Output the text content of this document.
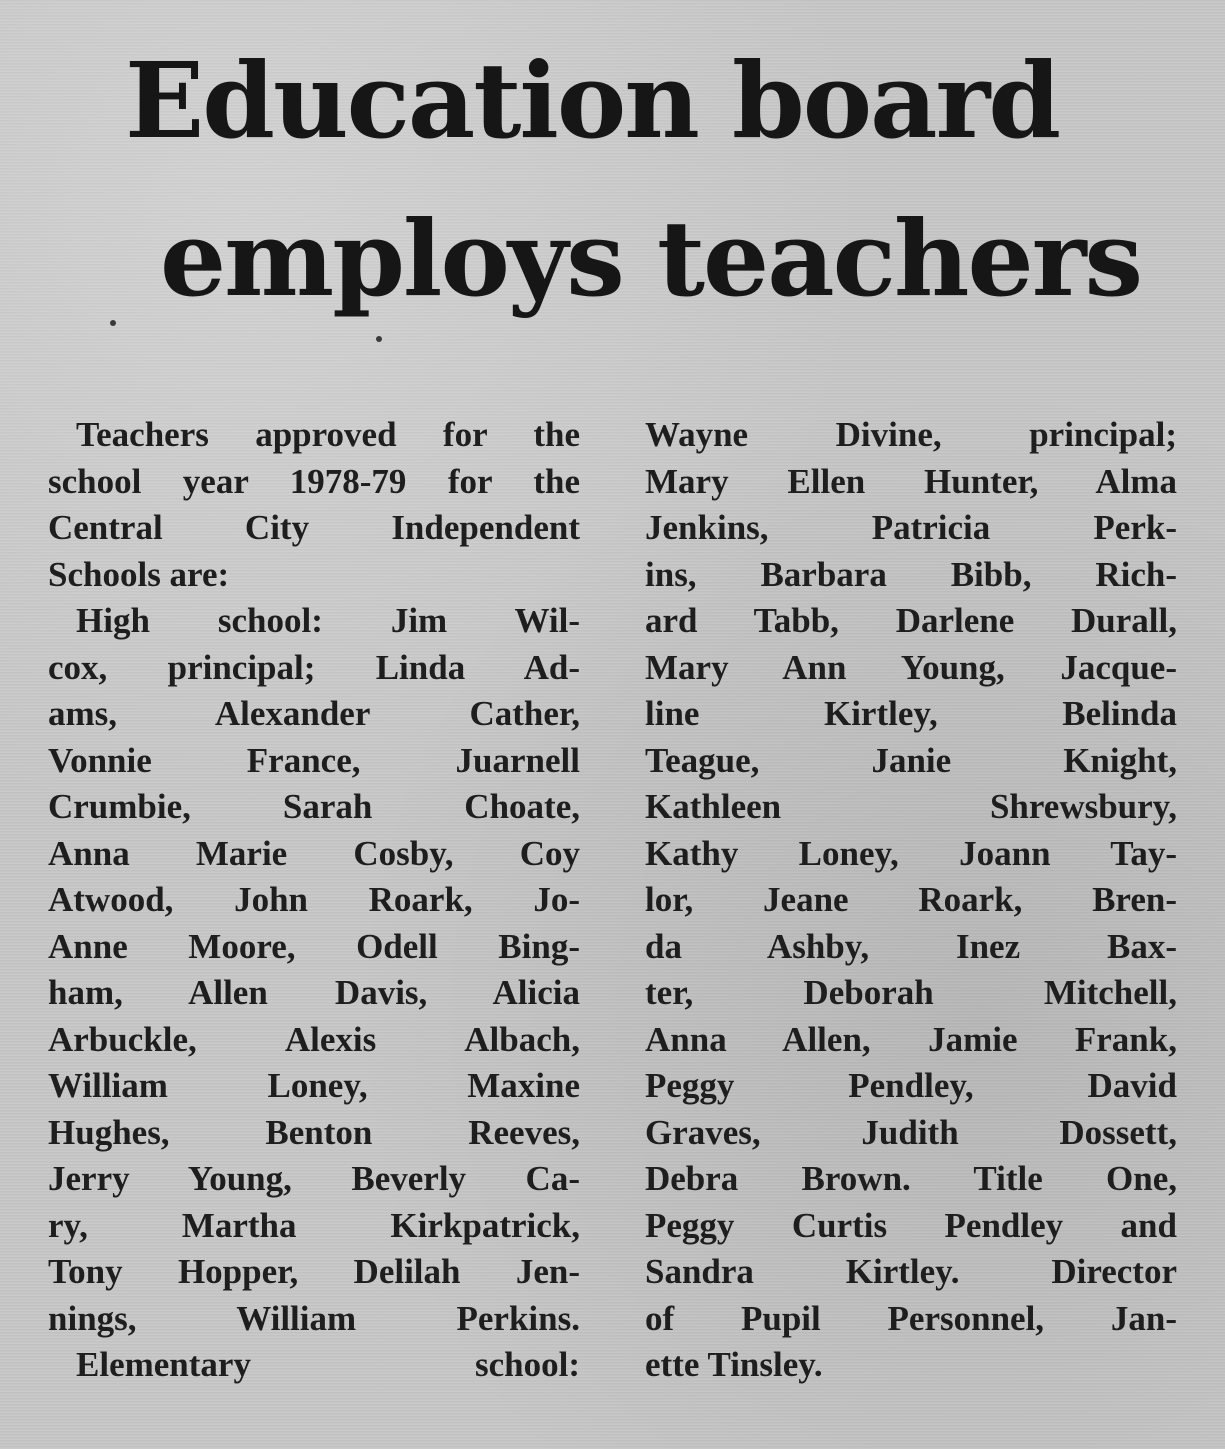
Education board
employs teachers
Teachers approved for the
school year 1978-79 for the
Central City Independent
Schools are:
High school: Jim Wil-
cox, principal; Linda Ad-
ams, Alexander Cather,
Vonnie France, Juarnell
Crumbie, Sarah Choate,
Anna Marie Cosby, Coy
Atwood, John Roark, Jo-
Anne Moore, Odell Bing-
ham, Allen Davis, Alicia
Arbuckle, Alexis Albach,
William Loney, Maxine
Hughes, Benton Reeves,
Jerry Young, Beverly Ca-
ry, Martha Kirkpatrick,
Tony Hopper, Delilah Jen-
nings, William Perkins.
Elementary school:
Wayne Divine, principal;
Mary Ellen Hunter, Alma
Jenkins, Patricia Perk-
ins, Barbara Bibb, Rich-
ard Tabb, Darlene Durall,
Mary Ann Young, Jacque-
line Kirtley, Belinda
Teague, Janie Knight,
Kathleen Shrewsbury,
Kathy Loney, Joann Tay-
lor, Jeane Roark, Bren-
da Ashby, Inez Bax-
ter, Deborah Mitchell,
Anna Allen, Jamie Frank,
Peggy Pendley, David
Graves, Judith Dossett,
Debra Brown. Title One,
Peggy Curtis Pendley and
Sandra Kirtley. Director
of Pupil Personnel, Jan-
ette Tinsley.
